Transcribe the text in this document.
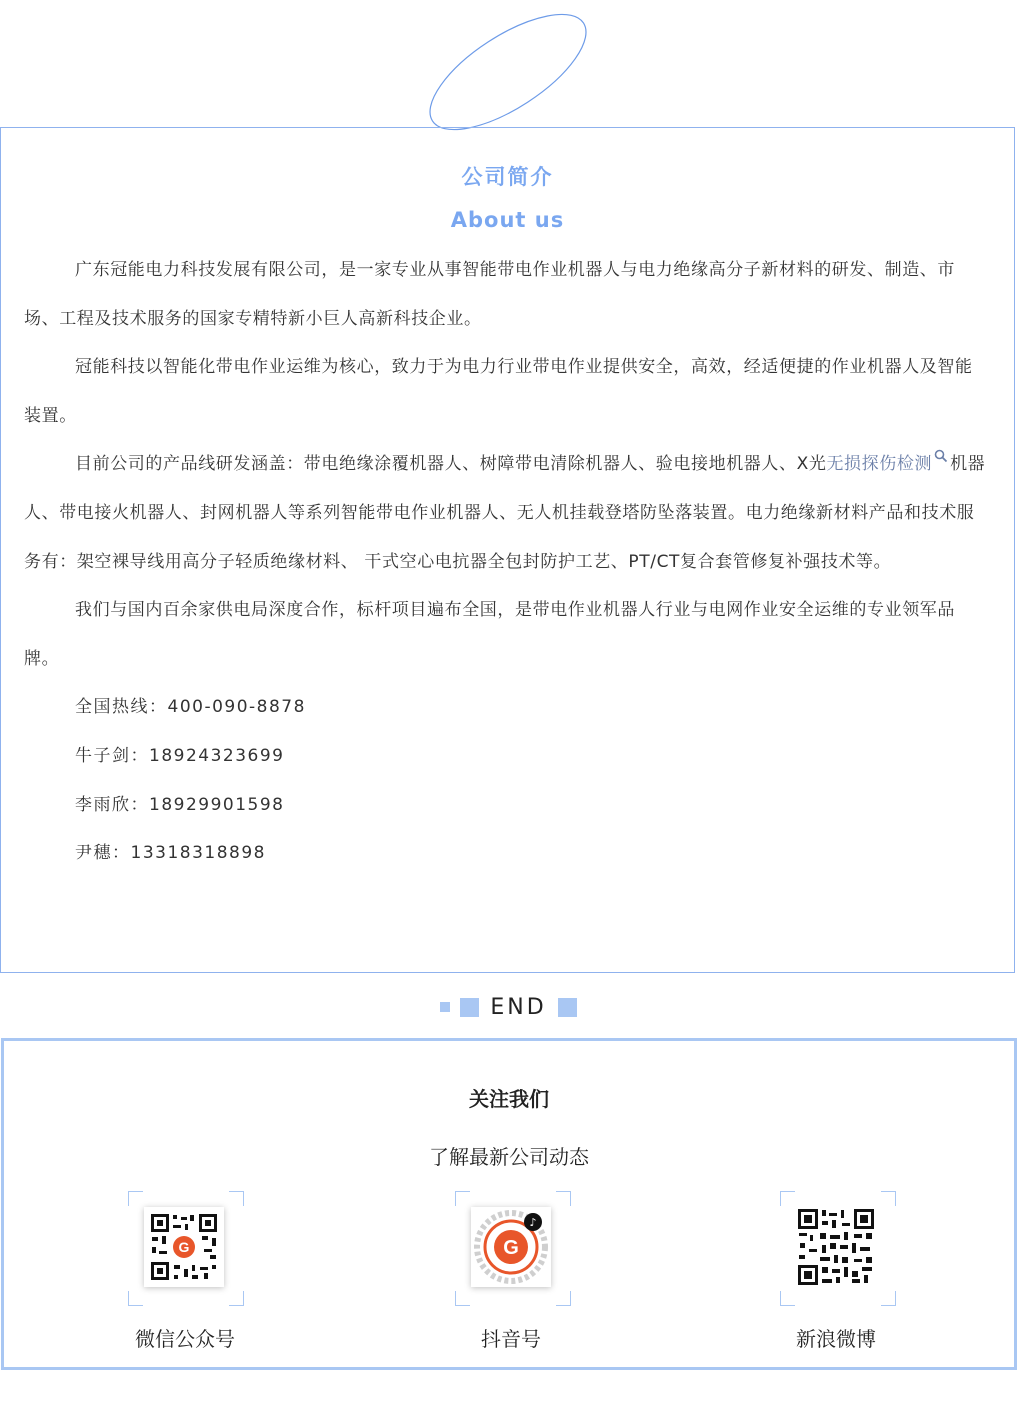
公司简介
About us

广东冠能电力科技发展有限公司，是一家专业从事智能带电作业机器人与电力绝缘高分子新材料的研发、制造、市场、工程及技术服务的国家专精特新小巨人高新科技企业。

冠能科技以智能化带电作业运维为核心，致力于为电力行业带电作业提供安全，高效，经适便捷的作业机器人及智能装置。

目前公司的产品线研发涵盖：带电绝缘涂覆机器人、树障带电清除机器人、验电接地机器人、X光无损探伤检测 机器人、带电接火机器人、封网机器人等系列智能带电作业机器人、无人机挂载登塔防坠落装置。电力绝缘新材料产品和技术服务有：架空裸导线用高分子轻质绝缘材料、 干式空心电抗器全包封防护工艺、PT/CT复合套管修复补强技术等。

我们与国内百余家供电局深度合作，标杆项目遍布全国，是带电作业机器人行业与电网作业安全运维的专业领军品牌。

全国热线：400-090-8878

牛子剑：18924323699

李雨欣：18929901598

尹穗：13318318898

END
关注我们
了解最新公司动态
G
微信公众号
G
♪
抖音号	新浪微博
